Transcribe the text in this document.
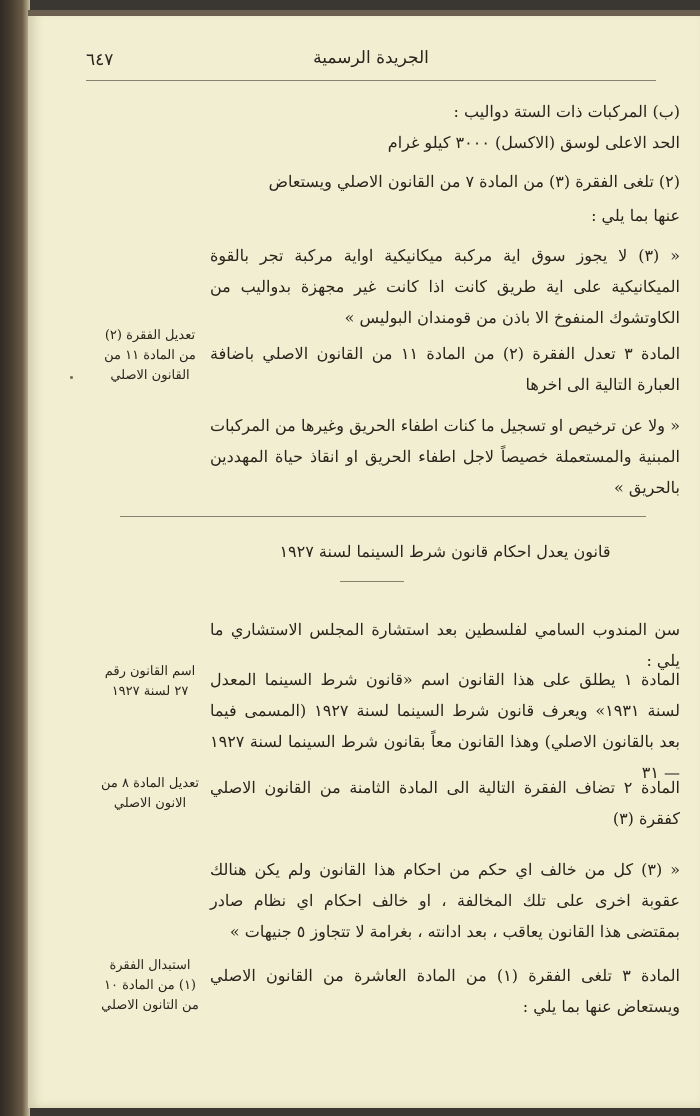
٦٤٧	الجريدة الرسمية
(ب) المركبات ذات الستة دواليب :
الحد الاعلى لوسق (الاكسل) ٣٠٠٠ كيلو غرام
(٢) تلغى الفقرة (٣) من المادة ٧ من القانون الاصلي ويستعاض
عنها بما يلي :
« (٣) لا يجوز سوق اية مركبة ميكانيكية اواية مركبة تجر بالقوة الميكانيكية على اية طريق كانت اذا كانت غير مجهزة بدواليب من الكاوتشوك المنفوخ الا باذن من قومندان البوليس »
المادة ٣ تعدل الفقرة (٢) من المادة ١١ من القانون الاصلي باضافة العبارة التالية الى اخرها
تعديل الفقرة (٢) من المادة ١١ من القانون الاصلي
« ولا عن ترخيص او تسجيل ما كنات اطفاء الحريق وغيرها من المركبات المبنية والمستعملة خصيصاً لاجل اطفاء الحريق او انقاذ حياة المهددين بالحريق »
قانون يعدل احكام قانون شرط السينما لسنة ١٩٢٧
سن المندوب السامي لفلسطين بعد استشارة المجلس الاستشاري ما يلي :
المادة ١ يطلق على هذا القانون اسم «قانون شرط السينما المعدل لسنة ١٩٣١» ويعرف قانون شرط السينما لسنة ١٩٢٧ (المسمى فيما بعد بالقانون الاصلي) وهذا القانون معاً بقانون شرط السينما لسنة ١٩٢٧ — ٣١
اسم القانون رقم ٢٧ لسنة ١٩٢٧
المادة ٢ تضاف الفقرة التالية الى المادة الثامنة من القانون الاصلي كفقرة (٣)
تعديل المادة ٨ من الانون الاصلي
« (٣) كل من خالف اي حكم من احكام هذا القانون ولم يكن هنالك عقوبة اخرى على تلك المخالفة ، او خالف احكام اي نظام صادر بمقتضى هذا القانون يعاقب ، بعد ادانته ، بغرامة لا تتجاوز ٥ جنيهات »
المادة ٣ تلغى الفقرة (١) من المادة العاشرة من القانون الاصلي ويستعاض عنها بما يلي :
استبدال الفقرة (١) من المادة ١٠ من التانون الاصلي
